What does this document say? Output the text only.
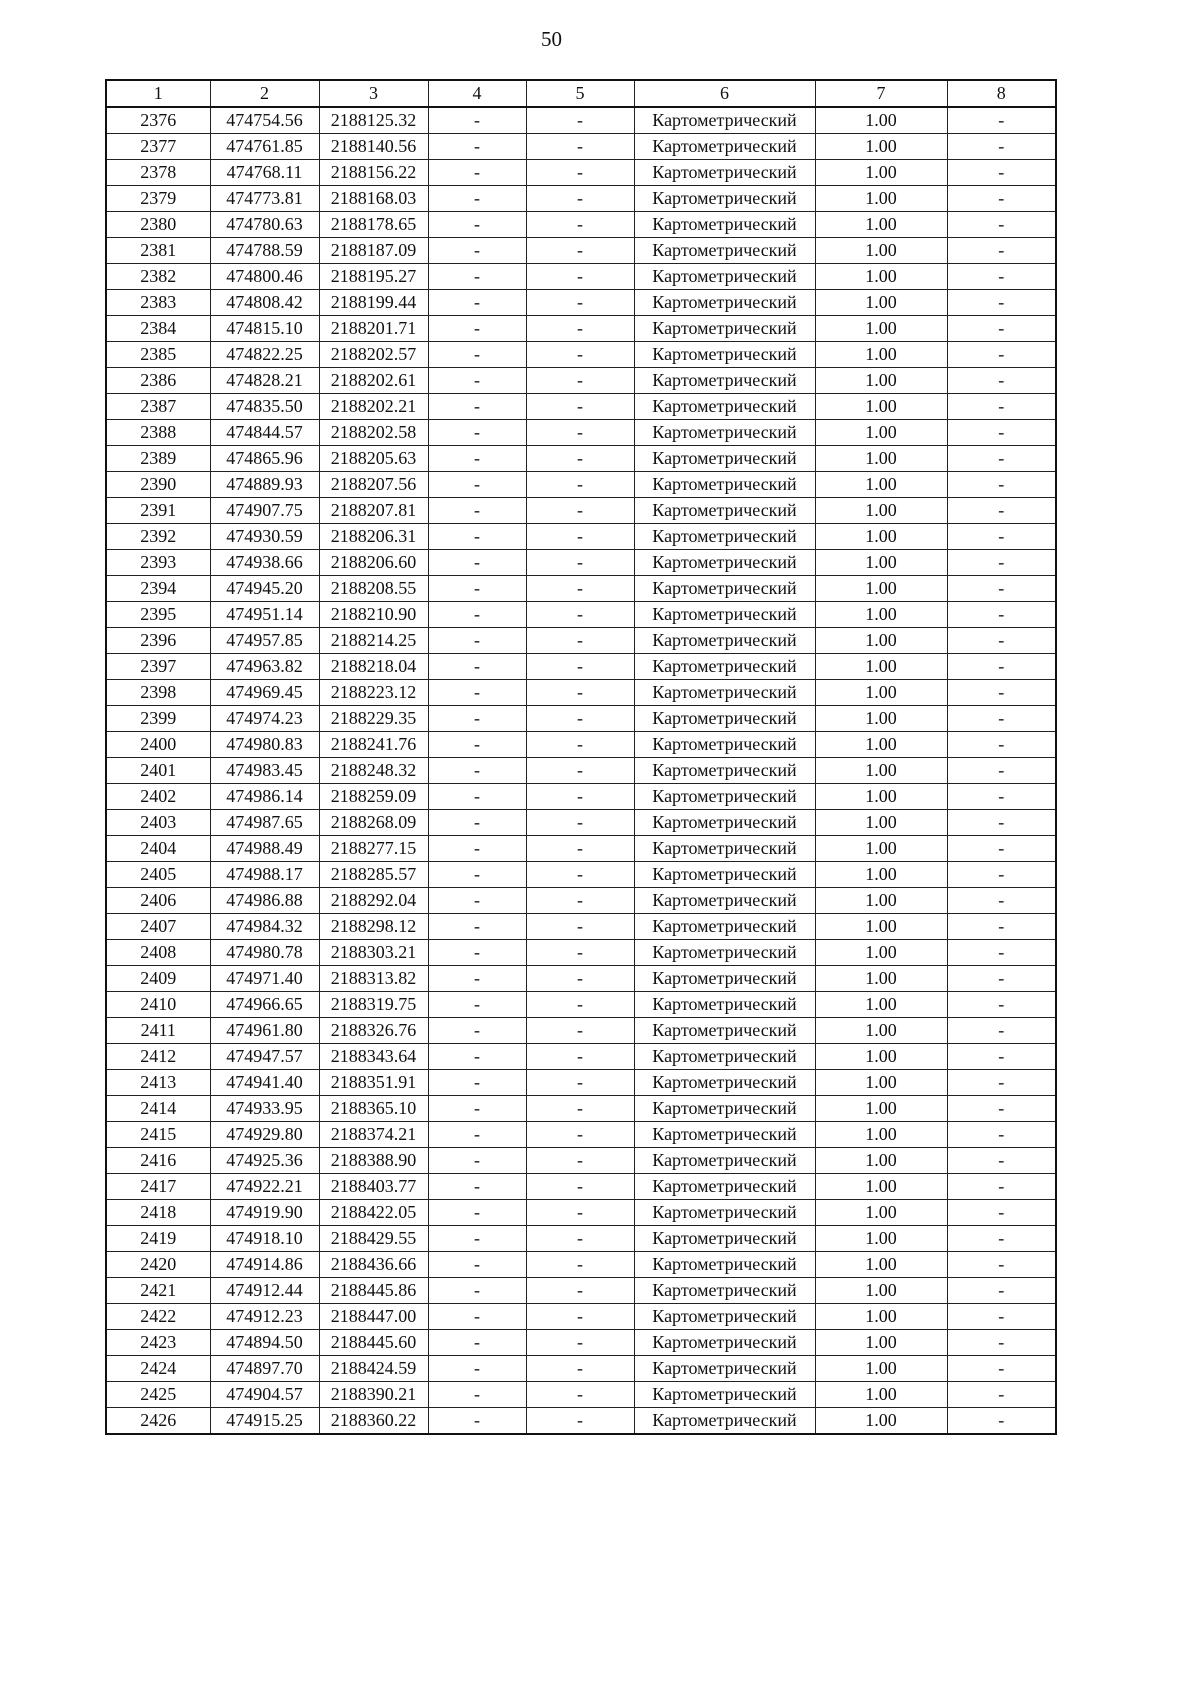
50
1	2	3	4	5	6	7	8
2376	474754.56	2188125.32	-	-	Картометрический	1.00	-
2377	474761.85	2188140.56	-	-	Картометрический	1.00	-
2378	474768.11	2188156.22	-	-	Картометрический	1.00	-
2379	474773.81	2188168.03	-	-	Картометрический	1.00	-
2380	474780.63	2188178.65	-	-	Картометрический	1.00	-
2381	474788.59	2188187.09	-	-	Картометрический	1.00	-
2382	474800.46	2188195.27	-	-	Картометрический	1.00	-
2383	474808.42	2188199.44	-	-	Картометрический	1.00	-
2384	474815.10	2188201.71	-	-	Картометрический	1.00	-
2385	474822.25	2188202.57	-	-	Картометрический	1.00	-
2386	474828.21	2188202.61	-	-	Картометрический	1.00	-
2387	474835.50	2188202.21	-	-	Картометрический	1.00	-
2388	474844.57	2188202.58	-	-	Картометрический	1.00	-
2389	474865.96	2188205.63	-	-	Картометрический	1.00	-
2390	474889.93	2188207.56	-	-	Картометрический	1.00	-
2391	474907.75	2188207.81	-	-	Картометрический	1.00	-
2392	474930.59	2188206.31	-	-	Картометрический	1.00	-
2393	474938.66	2188206.60	-	-	Картометрический	1.00	-
2394	474945.20	2188208.55	-	-	Картометрический	1.00	-
2395	474951.14	2188210.90	-	-	Картометрический	1.00	-
2396	474957.85	2188214.25	-	-	Картометрический	1.00	-
2397	474963.82	2188218.04	-	-	Картометрический	1.00	-
2398	474969.45	2188223.12	-	-	Картометрический	1.00	-
2399	474974.23	2188229.35	-	-	Картометрический	1.00	-
2400	474980.83	2188241.76	-	-	Картометрический	1.00	-
2401	474983.45	2188248.32	-	-	Картометрический	1.00	-
2402	474986.14	2188259.09	-	-	Картометрический	1.00	-
2403	474987.65	2188268.09	-	-	Картометрический	1.00	-
2404	474988.49	2188277.15	-	-	Картометрический	1.00	-
2405	474988.17	2188285.57	-	-	Картометрический	1.00	-
2406	474986.88	2188292.04	-	-	Картометрический	1.00	-
2407	474984.32	2188298.12	-	-	Картометрический	1.00	-
2408	474980.78	2188303.21	-	-	Картометрический	1.00	-
2409	474971.40	2188313.82	-	-	Картометрический	1.00	-
2410	474966.65	2188319.75	-	-	Картометрический	1.00	-
2411	474961.80	2188326.76	-	-	Картометрический	1.00	-
2412	474947.57	2188343.64	-	-	Картометрический	1.00	-
2413	474941.40	2188351.91	-	-	Картометрический	1.00	-
2414	474933.95	2188365.10	-	-	Картометрический	1.00	-
2415	474929.80	2188374.21	-	-	Картометрический	1.00	-
2416	474925.36	2188388.90	-	-	Картометрический	1.00	-
2417	474922.21	2188403.77	-	-	Картометрический	1.00	-
2418	474919.90	2188422.05	-	-	Картометрический	1.00	-
2419	474918.10	2188429.55	-	-	Картометрический	1.00	-
2420	474914.86	2188436.66	-	-	Картометрический	1.00	-
2421	474912.44	2188445.86	-	-	Картометрический	1.00	-
2422	474912.23	2188447.00	-	-	Картометрический	1.00	-
2423	474894.50	2188445.60	-	-	Картометрический	1.00	-
2424	474897.70	2188424.59	-	-	Картометрический	1.00	-
2425	474904.57	2188390.21	-	-	Картометрический	1.00	-
2426	474915.25	2188360.22	-	-	Картометрический	1.00	-
